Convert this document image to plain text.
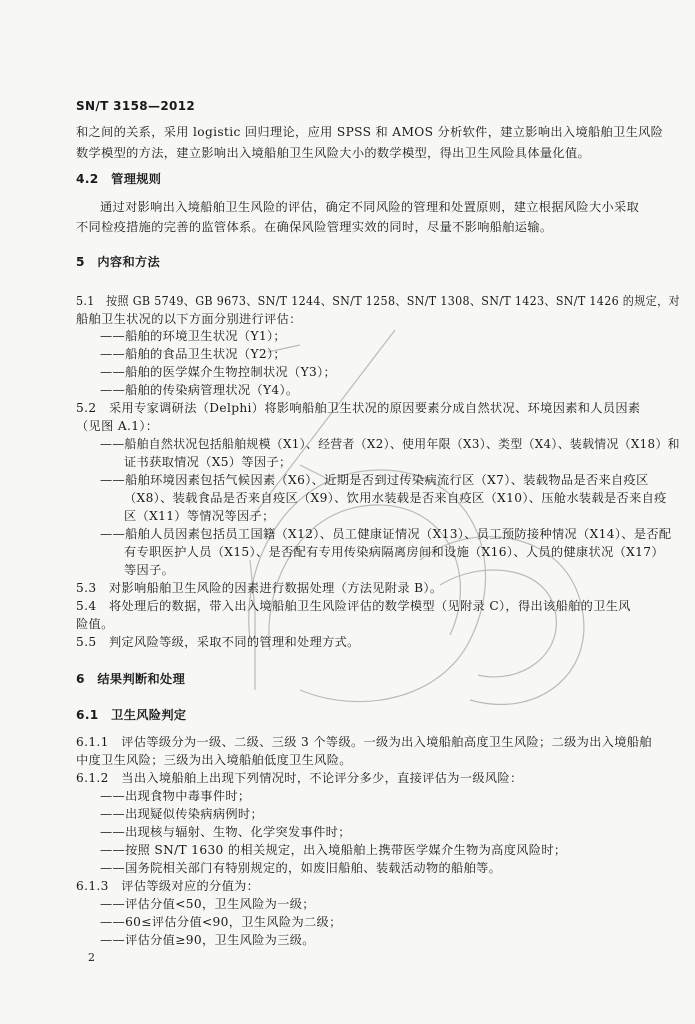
SN/T 3158—2012
和之间的关系，采用 logistic 回归理论，应用 SPSS 和 AMOS 分析软件，建立影响出入境船舶卫生风险
数学模型的方法，建立影响出入境船舶卫生风险大小的数学模型，得出卫生风险具体量化值。
4.2　管理规则
通过对影响出入境船舶卫生风险的评估，确定不同风险的管理和处置原则，建立根据风险大小采取
不同检疫措施的完善的监管体系。在确保风险管理实效的同时，尽量不影响船舶运输。
5　内容和方法
5.1　按照 GB 5749、GB 9673、SN/T 1244、SN/T 1258、SN/T 1308、SN/T 1423、SN/T 1426 的规定，对
船舶卫生状况的以下方面分别进行评估：
——船舶的环境卫生状况（Y1）；
——船舶的食品卫生状况（Y2）；
——船舶的医学媒介生物控制状况（Y3）；
——船舶的传染病管理状况（Y4）。
5.2　采用专家调研法（Delphi）将影响船舶卫生状况的原因要素分成自然状况、环境因素和人员因素
（见图 A.1）：
——船舶自然状况包括船舶规模（X1）、经营者（X2）、使用年限（X3）、类型（X4）、装载情况（X18）和
证书获取情况（X5）等因子；
——船舶环境因素包括气候因素（X6）、近期是否到过传染病流行区（X7）、装载物品是否来自疫区
（X8）、装载食品是否来自疫区（X9）、饮用水装载是否来自疫区（X10）、压舱水装载是否来自疫
区（X11）等情况等因子；
——船舶人员因素包括员工国籍（X12）、员工健康证情况（X13）、员工预防接种情况（X14）、是否配
有专职医护人员（X15）、是否配有专用传染病隔离房间和设施（X16）、人员的健康状况（X17）
等因子。
5.3　对影响船舶卫生风险的因素进行数据处理（方法见附录 B）。
5.4　将处理后的数据，带入出入境船舶卫生风险评估的数学模型（见附录 C），得出该船舶的卫生风
险值。
5.5　判定风险等级，采取不同的管理和处理方式。
6　结果判断和处理
6.1　卫生风险判定
6.1.1　评估等级分为一级、二级、三级 3 个等级。一级为出入境船舶高度卫生风险；二级为出入境船舶
中度卫生风险；三级为出入境船舶低度卫生风险。
6.1.2　当出入境船舶上出现下列情况时，不论评分多少，直接评估为一级风险：
——出现食物中毒事件时；
——出现疑似传染病病例时；
——出现核与辐射、生物、化学突发事件时；
——按照 SN/T 1630 的相关规定，出入境船舶上携带医学媒介生物为高度风险时；
——国务院相关部门有特别规定的，如废旧船舶、装载活动物的船舶等。
6.1.3　评估等级对应的分值为：
——评估分值<50，卫生风险为一级；
——60≤评估分值<90，卫生风险为二级；
——评估分值≥90，卫生风险为三级。
2
